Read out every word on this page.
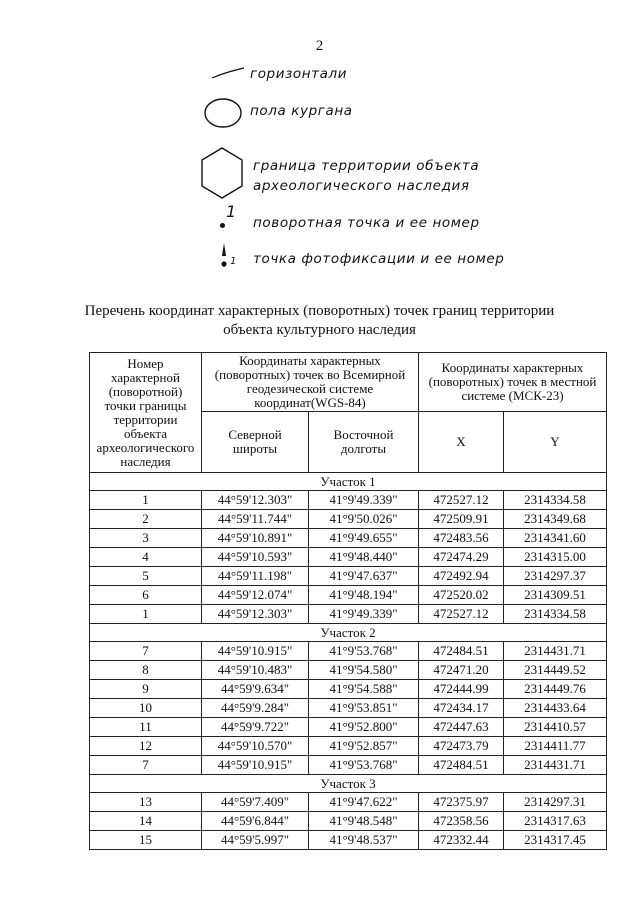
2
горизонтали
пола кургана
граница территории объекта
археологического наследия
1
поворотная точка и ее номер
1 точка фотофиксации и ее номер
Перечень координат характерных (поворотных) точек границ территории
объекта культурного наследия
Номер характерной (поворотной) точки границы территории объекта археологического наследия	Координаты характерных (поворотных) точек во Всемирной геодезической системе координат(WGS-84)		Координаты характерных (поворотных) точек в местной системе (МСК-23)	
	Северной широты	Восточной долготы	X	Y
Участок 1				
1	44°59'12.303"	41°9'49.339"	472527.12	2314334.58
2	44°59'11.744"	41°9'50.026"	472509.91	2314349.68
3	44°59'10.891"	41°9'49.655"	472483.56	2314341.60
4	44°59'10.593"	41°9'48.440"	472474.29	2314315.00
5	44°59'11.198"	41°9'47.637"	472492.94	2314297.37
6	44°59'12.074"	41°9'48.194"	472520.02	2314309.51
1	44°59'12.303"	41°9'49.339"	472527.12	2314334.58
Участок 2				
7	44°59'10.915"	41°9'53.768"	472484.51	2314431.71
8	44°59'10.483"	41°9'54.580"	472471.20	2314449.52
9	44°59'9.634"	41°9'54.588"	472444.99	2314449.76
10	44°59'9.284"	41°9'53.851"	472434.17	2314433.64
11	44°59'9.722"	41°9'52.800"	472447.63	2314410.57
12	44°59'10.570"	41°9'52.857"	472473.79	2314411.77
7	44°59'10.915"	41°9'53.768"	472484.51	2314431.71
Участок 3				
13	44°59'7.409"	41°9'47.622"	472375.97	2314297.31
14	44°59'6.844"	41°9'48.548"	472358.56	2314317.63
15	44°59'5.997"	41°9'48.537"	472332.44	2314317.45
